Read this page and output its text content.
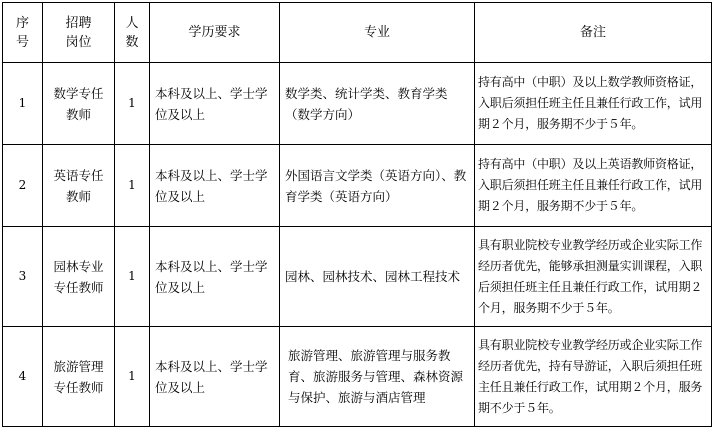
序号	招聘岗位	人数	学历要求	专业	备注
1	数学专任教师	1	本科及以上、学士学位及以上	数学类、统计学类、教育学类（数学方向）	持有高中（中职）及以上数学教师资格证，入职后须担任班主任且兼任行政工作，试用期２个月，服务期不少于５年。
2	英语专任教师	1	本科及以上、学士学位及以上	外国语言文学类（英语方向）、教育学类（英语方向）	持有高中（中职）及以上英语教师资格证，入职后须担任班主任且兼任行政工作，试用期２个月，服务期不少于５年。
3	园林专业专任教师	1	本科及以上、学士学位及以上	园林、园林技术、园林工程技术	具有职业院校专业教学经历或企业实际工作经历者优先，能够承担测量实训课程，入职后须担任班主任且兼任行政工作，试用期２个月，服务期不少于５年。
4	旅游管理专任教师	1	本科及以上、学士学位及以上	旅游管理、旅游管理与服务教育、旅游服务与管理、森林资源与保护、旅游与酒店管理	具有职业院校专业教学经历或企业实际工作经历者优先，持有导游证，入职后须担任班主任且兼任行政工作，试用期２个月，服务期不少于５年。
